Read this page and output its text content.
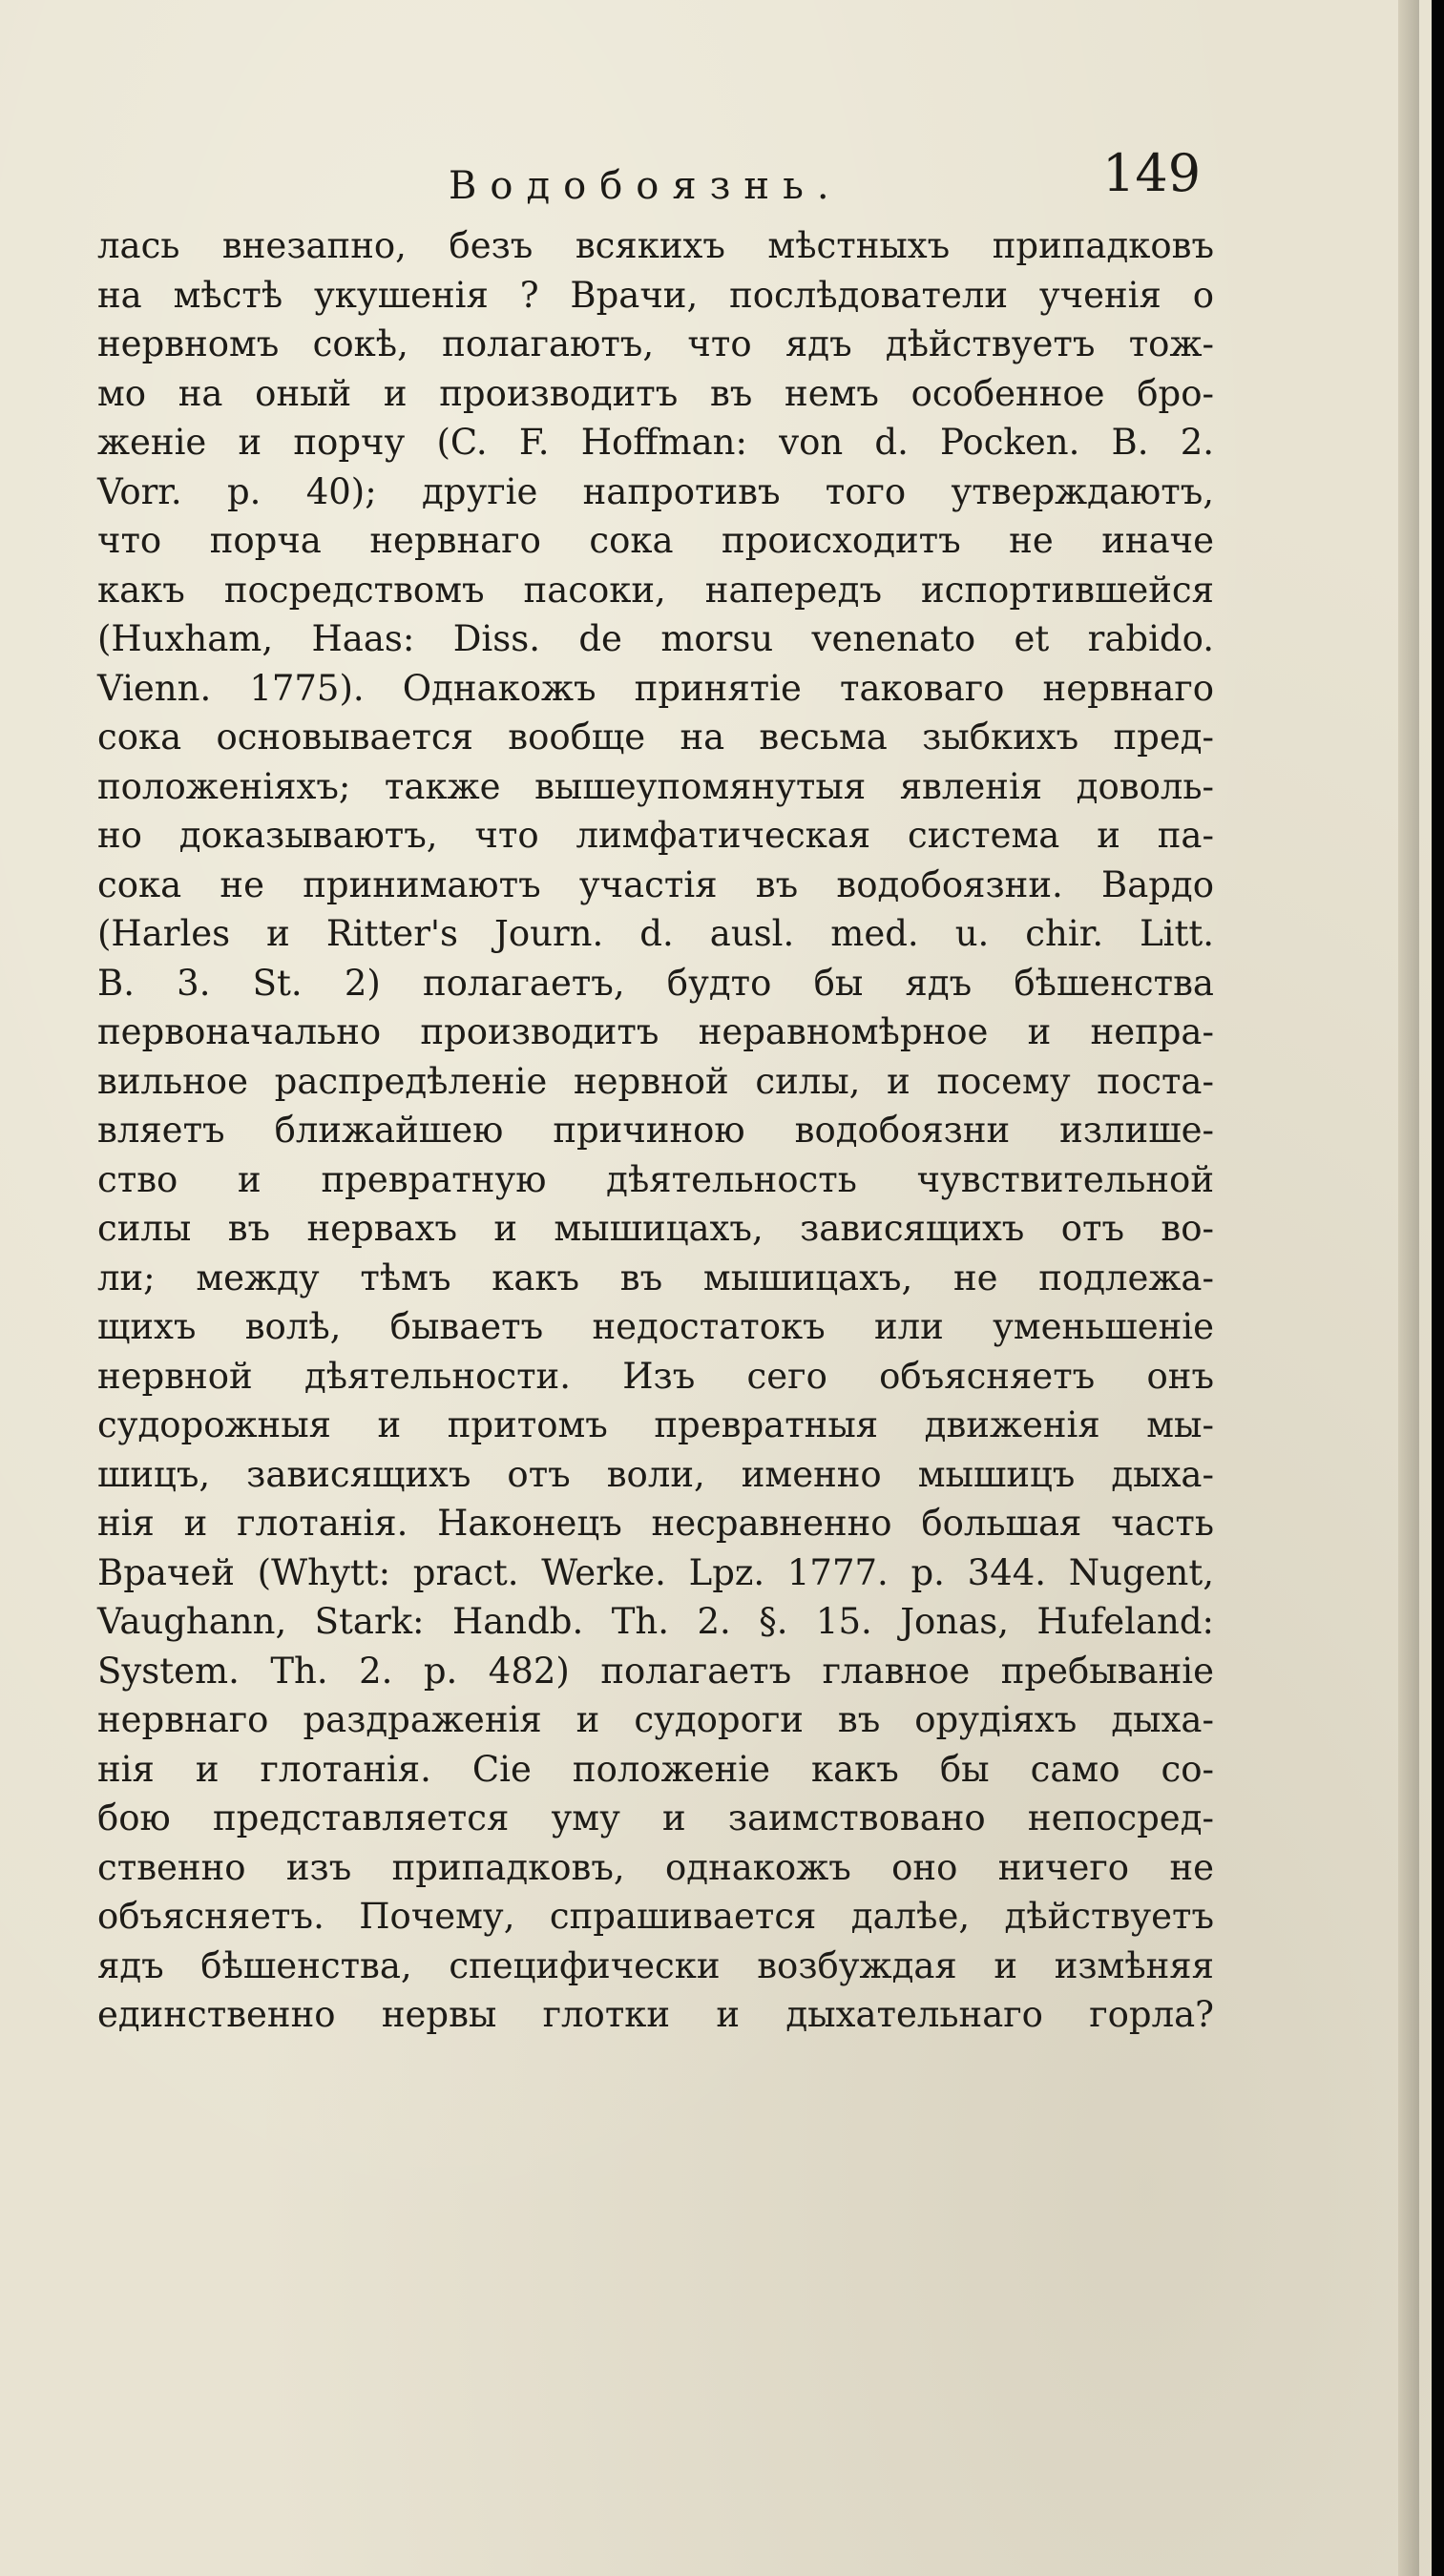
Водобоязнь.	149
лась внезапно, безъ всякихъ мѣстныхъ припадковъ
на мѣстѣ укушенія ? Врачи, послѣдователи ученія о
нервномъ сокѣ, полагаютъ, что ядъ дѣйствуетъ тож-
мо на оный и производитъ въ немъ особенное бро-
женіе и порчу (C. F. Hoffman: von d. Pocken. B. 2.
Vorr. p. 40); другіе напротивъ того утверждаютъ,
что порча нервнаго сока происходитъ не иначе
какъ посредствомъ пасоки, напередъ испортившейся
(Huxham, Haas: Diss. de morsu venenato et rabido.
Vienn. 1775). Однакожъ принятіе таковаго нервнаго
сока основывается вообще на весьма зыбкихъ пред-
положеніяхъ; также вышеупомянутыя явленія доволь-
но доказываютъ, что лимфатическая система и па-
сока не принимаютъ участія въ водобоязни. Вардо
(Harles и Ritter's Journ. d. ausl. med. u. chir. Litt.
B. 3. St. 2) полагаетъ, будто бы ядъ бѣшенства
первоначально производитъ неравномѣрное и непра-
вильное распредѣленіе нервной силы, и посему поста-
вляетъ ближайшею причиною водобоязни излише-
ство и превратную дѣятельность чувствительной
силы въ нервахъ и мышицахъ, зависящихъ отъ во-
ли; между тѣмъ какъ въ мышицахъ, не подлежа-
щихъ волѣ, бываетъ недостатокъ или уменьшеніе
нервной дѣятельности. Изъ сего объясняетъ онъ
судорожныя и притомъ превратныя движенія мы-
шицъ, зависящихъ отъ воли, именно мышицъ дыха-
нія и глотанія. Наконецъ несравненно большая часть
Врачей (Whytt: pract. Werke. Lpz. 1777. p. 344. Nugent,
Vaughann, Stark: Handb. Th. 2. §. 15. Jonas, Hufeland:
System. Th. 2. p. 482) полагаетъ главное пребываніе
нервнаго раздраженія и судороги въ орудіяхъ дыха-
нія и глотанія. Сіе положеніе какъ бы само со-
бою представляется уму и заимствовано непосред-
ственно изъ припадковъ, однакожъ оно ничего не
объясняетъ. Почему, спрашивается далѣе, дѣйствуетъ
ядъ бѣшенства, специфически возбуждая и измѣняя
единственно нервы глотки и дыхательнаго горла?
